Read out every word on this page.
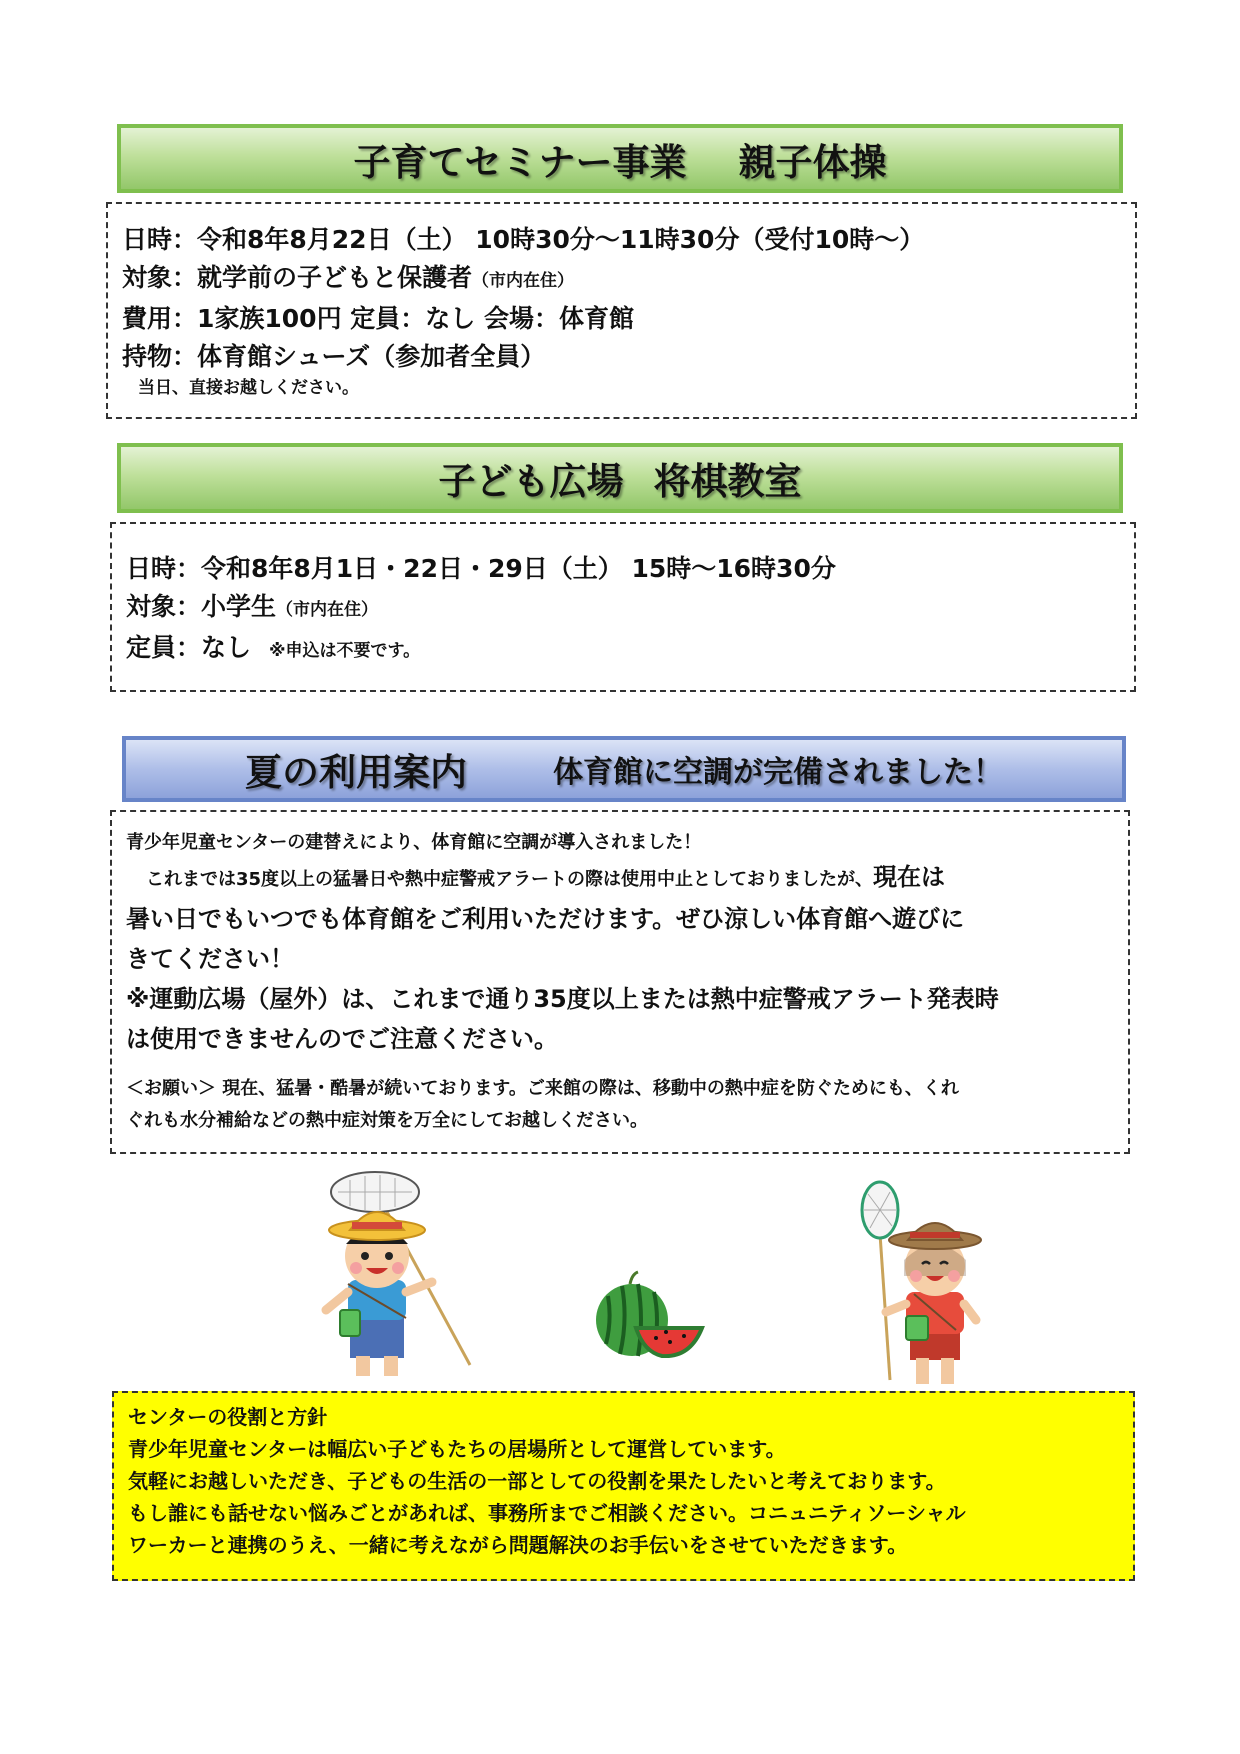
子育てセミナー事業 親子体操
日時：令和8年8月22日（土） 10時30分～11時30分（受付10時～）
対象：就学前の子どもと保護者（市内在住）
費用：1家族100円 定員：なし 会場：体育館
持物：体育館シューズ（参加者全員）
当日、直接お越しください。
子ども広場 将棋教室
日時：令和8年8月1日・22日・29日（土） 15時～16時30分
対象：小学生（市内在住）
定員：なし ※申込は不要です。
夏の利用案内	体育館に空調が完備されました！
青少年児童センターの建替えにより、体育館に空調が導入されました！
これまでは35度以上の猛暑日や熱中症警戒アラートの際は使用中止としておりましたが、現在は
暑い日でもいつでも体育館をご利用いただけます。ぜひ涼しい体育館へ遊びに
きてください！
※運動広場（屋外）は、これまで通り35度以上または熱中症警戒アラート発表時
は使用できませんのでご注意ください。
＜お願い＞ 現在、猛暑・酷暑が続いております。ご来館の際は、移動中の熱中症を防ぐためにも、くれ
ぐれも水分補給などの熱中症対策を万全にしてお越しください。
センターの役割と方針
青少年児童センターは幅広い子どもたちの居場所として運営しています。
気軽にお越しいただき、子どもの生活の一部としての役割を果たしたいと考えております。
もし誰にも話せない悩みごとがあれば、事務所までご相談ください。コニュニティソーシャル
ワーカーと連携のうえ、一緒に考えながら問題解決のお手伝いをさせていただきます。
